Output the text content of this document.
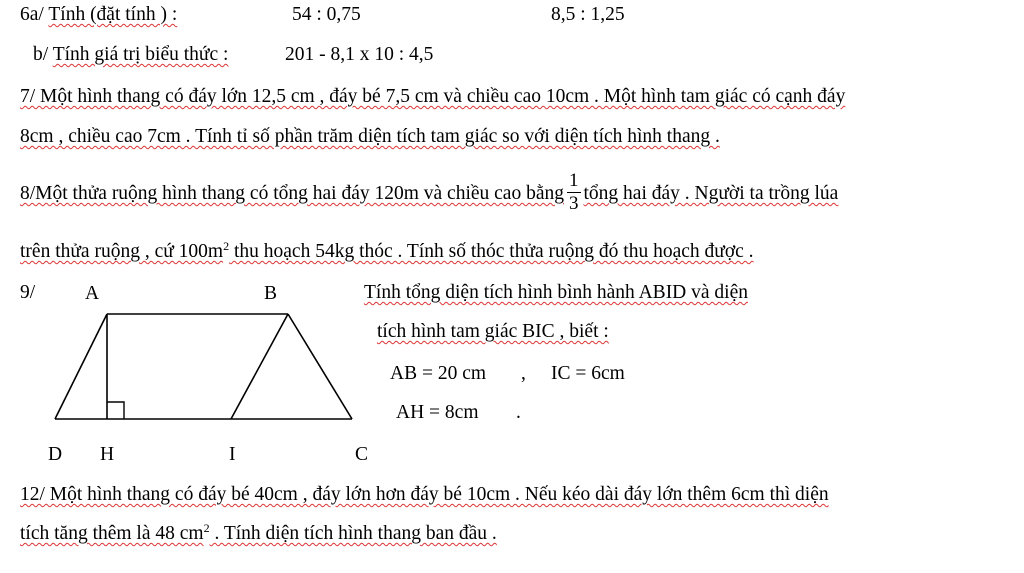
6a/ Tính (đặt tính ) :	54 : 0,75	8,5 : 1,25
b/ Tính giá trị biểu thức :	201 - 8,1 x 10 : 4,5
7/ Một hình thang có đáy lớn 12,5 cm , đáy bé 7,5 cm và chiều cao 10cm . Một hình tam giác có cạnh đáy
8cm , chiều cao 7cm . Tính tỉ số phần trăm diện tích tam giác so với diện tích hình thang .
8/Một thửa ruộng hình thang có tổng hai đáy 120m và chiều cao bằng $\frac{1}{3}$ tổng hai đáy . Người ta trồng lúa
trên thửa ruộng , cứ $100m^2$ thu hoạch 54kg thóc . Tính số thóc thửa ruộng đó thu hoạch được .
9/	A	B
D H	I	C
Tính tổng diện tích hình bình hành ABID và diện
tích hình tam giác BIC , biết :
AB = 20 cm , IC = 6cm
AH = 8cm .
12/ Một hình thang có đáy bé 40cm , đáy lớn hơn đáy bé 10cm . Nếu kéo dài đáy lớn thêm 6cm thì diện
tích tăng thêm là 48 $cm^2$ . Tính diện tích hình thang ban đầu .
